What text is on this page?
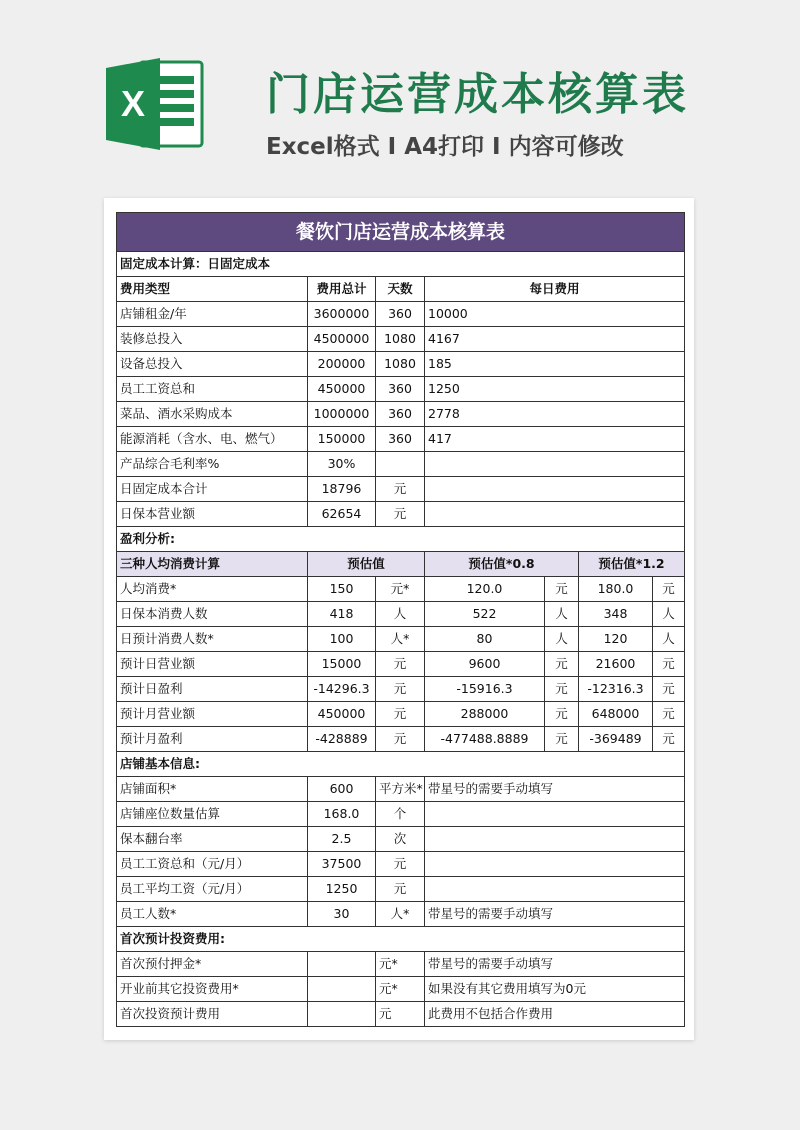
X	门店运营成本核算表
Excel格式 I A4打印 I 内容可修改
餐饮门店运营成本核算表						
固定成本计算：日固定成本						
费用类型	费用总计	天数	每日费用			
店铺租金/年	3600000	360	10000			
装修总投入	4500000	1080	4167			
设备总投入	200000	1080	185			
员工工资总和	450000	360	1250			
菜品、酒水采购成本	1000000	360	2778			
能源消耗（含水、电、燃气）	150000	360	417			
产品综合毛利率%	30%					
日固定成本合计	18796	元				
日保本营业额	62654	元				
盈利分析:						
三种人均消费计算	预估值		预估值*0.8		预估值*1.2	
人均消费*	150	元*	120.0	元	180.0	元
日保本消费人数	418	人	522	人	348	人
日预计消费人数*	100	人*	80	人	120	人
预计日营业额	15000	元	9600	元	21600	元
预计日盈利	-14296.3	元	-15916.3	元	-12316.3	元
预计月营业额	450000	元	288000	元	648000	元
预计月盈利	-428889	元	-477488.8889	元	-369489	元
店铺基本信息:						
店铺面积*	600	平方米*	带星号的需要手动填写			
店铺座位数量估算	168.0	个				
保本翻台率	2.5	次				
员工工资总和（元/月）	37500	元				
员工平均工资（元/月）	1250	元				
员工人数*	30	人*	带星号的需要手动填写			
首次预计投资费用:						
首次预付押金*		元*	带星号的需要手动填写			
开业前其它投资费用*		元*	如果没有其它费用填写为0元			
首次投资预计费用		元	此费用不包括合作费用			
